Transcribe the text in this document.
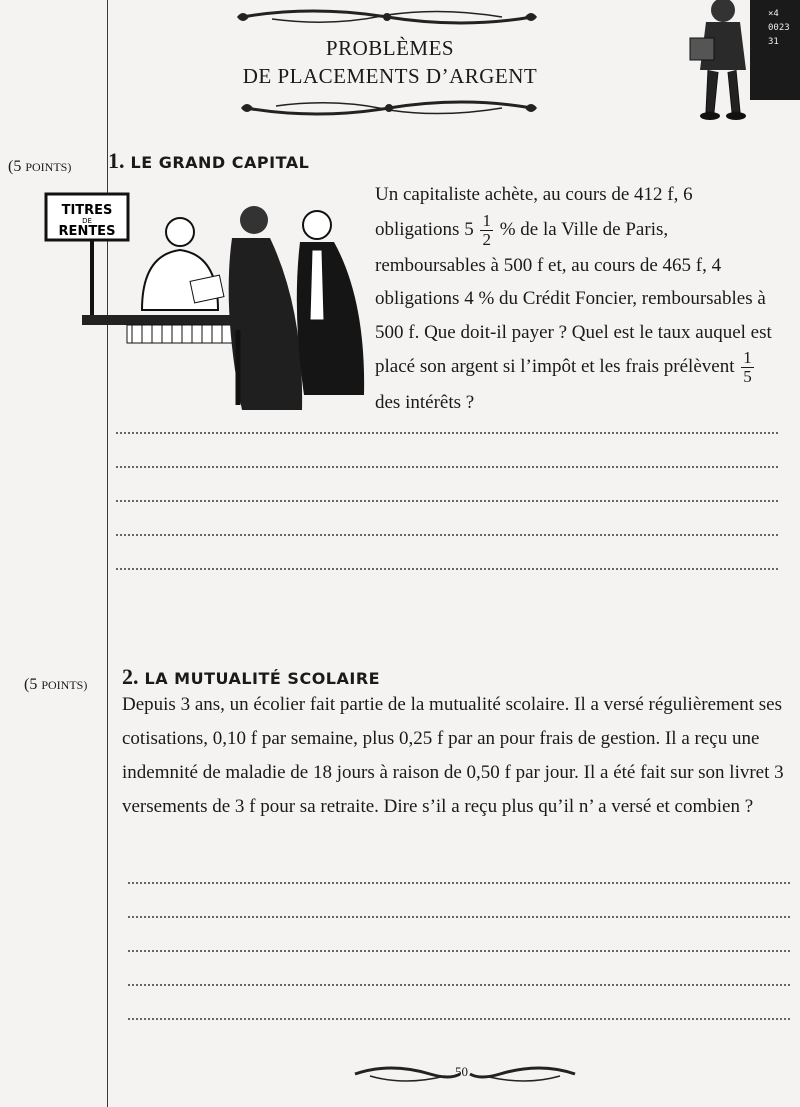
PROBLÈMES
DE PLACEMENTS D’ARGENT
×4
0023
31
(5 POINTS) 1. LE GRAND CAPITAL
TITRES
DE
RENTES
Un capitaliste achète, au cours de 412 f, 6 obligations $5 \frac{1}{2}$ % de la Ville de Paris, remboursables à 500 f et, au cours de 465 f, 4 obligations 4 % du Crédit Foncier, remboursables à 500 f. Que doit-il payer ? Quel est le taux auquel est placé son argent si l’impôt et les frais prélèvent $\frac{1}{5}$
des intérêts ?
(5 POINTS) 2. LA MUTUALITÉ SCOLAIRE
Depuis 3 ans, un écolier fait partie de la mutualité scolaire. Il a versé régulièrement ses cotisations, 0,10 f par semaine, plus 0,25 f par an pour frais de gestion. Il a reçu une indemnité de maladie de 18 jours à raison de 0,50 f par jour. Il a été fait sur son livret 3 versements de 3 f pour sa retraite. Dire s’il a reçu plus qu’il n’ a versé et combien ?
50
